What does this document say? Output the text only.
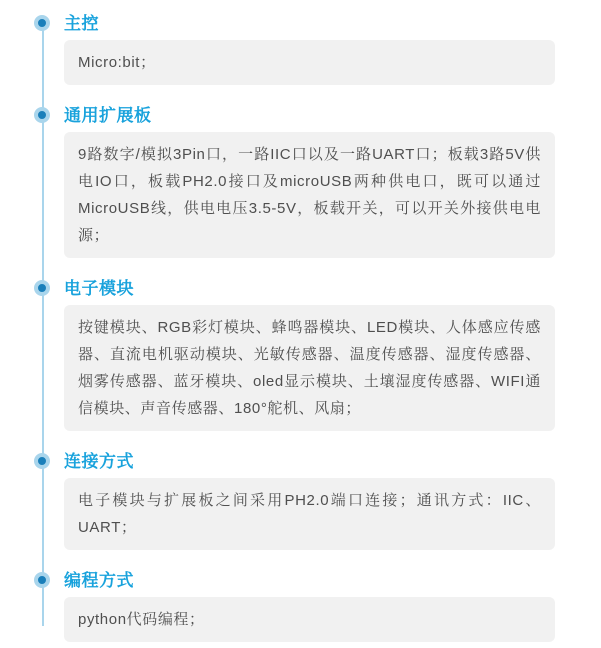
主控
Micro:bit；
通用扩展板
9路数字/模拟3Pin口，一路IIC口以及一路UART口；板载3路5V供电IO口，板载PH2.0接口及microUSB两种供电口，既可以通过MicroUSB线，供电电压3.5-5V，板载开关，可以开关外接供电电源；
电子模块
按键模块、RGB彩灯模块、蜂鸣器模块、LED模块、人体感应传感器、直流电机驱动模块、光敏传感器、温度传感器、湿度传感器、烟雾传感器、蓝牙模块、oled显示模块、土壤湿度传感器、WIFI通信模块、声音传感器、180°舵机、风扇；
连接方式
电子模块与扩展板之间采用PH2.0端口连接；通讯方式：IIC、UART；
编程方式
python代码编程；
